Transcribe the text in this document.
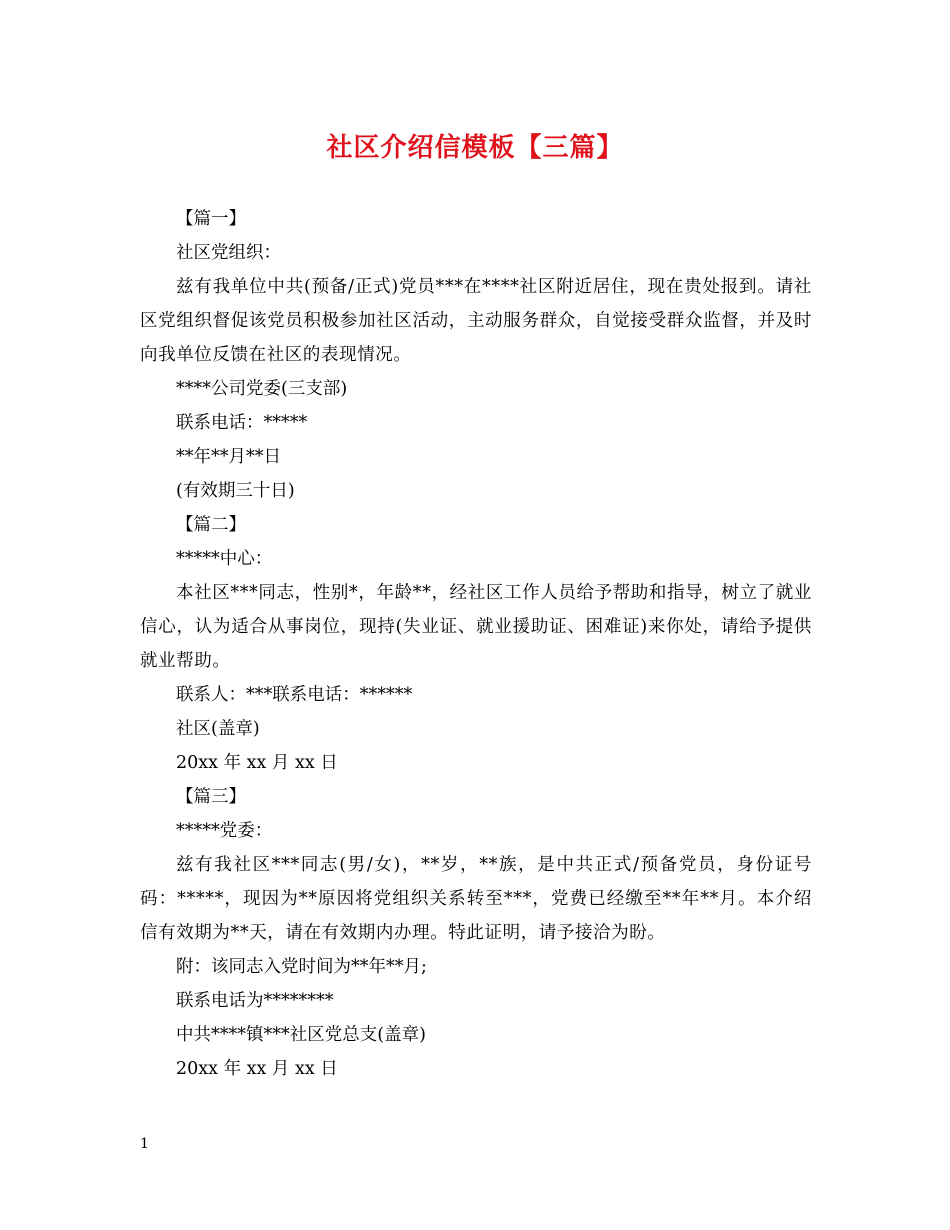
社区介绍信模板【三篇】

【篇一】

社区党组织：

兹有我单位中共(预备/正式)党员***在****社区附近居住，现在贵处报到。请社区党组织督促该党员积极参加社区活动，主动服务群众，自觉接受群众监督，并及时向我单位反馈在社区的表现情况。

****公司党委(三支部)

联系电话：*****

**年**月**日

(有效期三十日)

【篇二】

*****中心：

本社区***同志，性别*，年龄**，经社区工作人员给予帮助和指导，树立了就业信心，认为适合从事岗位，现持(失业证、就业援助证、困难证)来你处，请给予提供就业帮助。

联系人：***联系电话：******

社区(盖章)

20xx 年 xx 月 xx 日

【篇三】

*****党委：

兹有我社区***同志(男/女)，**岁，**族，是中共正式/预备党员，身份证号码：*****，现因为**原因将党组织关系转至***，党费已经缴至**年**月。本介绍信有效期为**天，请在有效期内办理。特此证明，请予接洽为盼。

附：该同志入党时间为**年**月;

联系电话为********

中共****镇***社区党总支(盖章)

20xx 年 xx 月 xx 日

1
